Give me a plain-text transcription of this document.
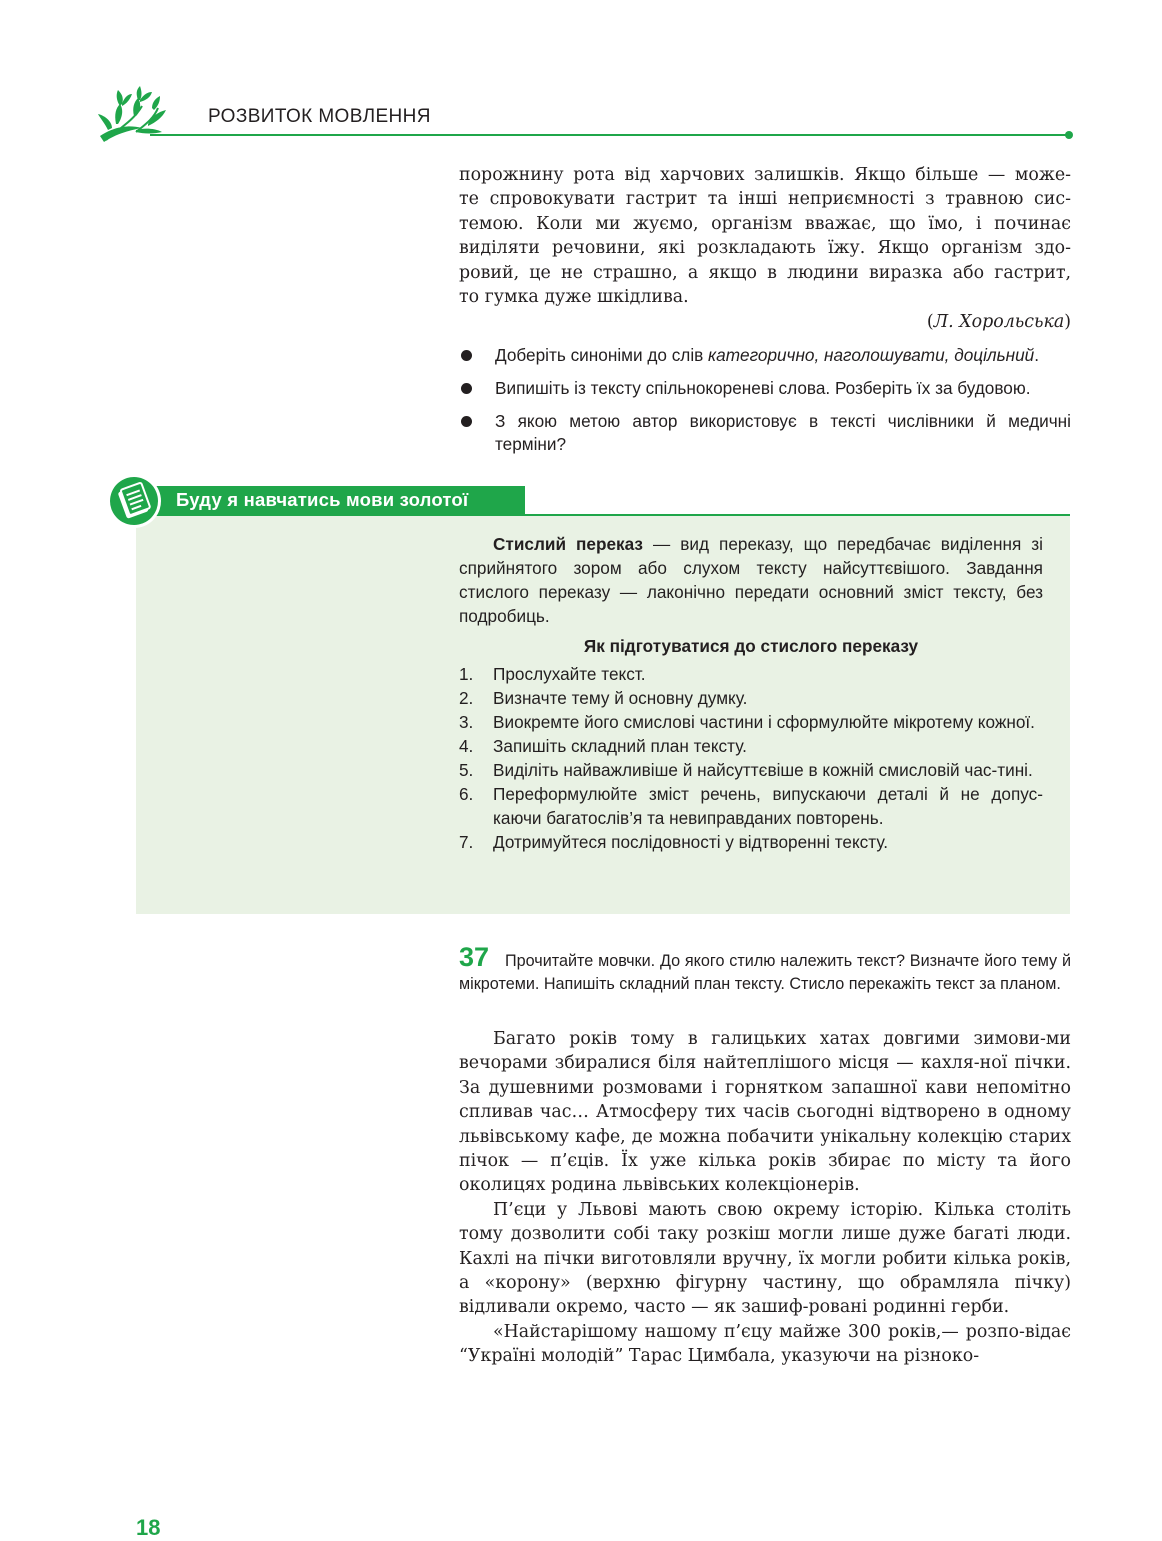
РОЗВИТОК МОВЛЕННЯ
порожнину рота від харчових залишків. Якщо більше — може-
те спровокувати гастрит та інші неприємності з травною сис-
темою. Коли ми жуємо, організм вважає, що їмо, і починає
виділяти речовини, які розкладають їжу. Якщо організм здо-
ровий, це не страшно, а якщо в людини виразка або гастрит,
то гумка дуже шкідлива.
(Л. Хорольська)
Доберіть синоніми до слів категорично, наголошувати, доцільний.
Випишіть із тексту спільнокореневі слова. Розберіть їх за будовою.
З якою метою автор використовує в тексті числівники й медичні терміни?
Буду я навчатись мови золотої

Стислий переказ — вид переказу, що передбачає виділення зі сприйнятого зором або слухом тексту найсуттєвішого. Завдання стислого переказу — лаконічно передати основний зміст тексту, без подробиць.

Як підготуватися до стислого переказу
1. Прослухайте текст.
2. Визначте тему й основну думку.
3. Виокремте його смислові частини і сформулюйте мікротему кожної.
4. Запишіть складний план тексту.
5. Виділіть найважливіше й найсуттєвіше в кожній смисловій час-тині.
6. Переформулюйте зміст речень, випускаючи деталі й не допус-каючи багатослів’я та невиправданих повторень.
7. Дотримуйтеся послідовності у відтворенні тексту.
37 Прочитайте мовчки. До якого стилю належить текст? Визначте його тему й мікротеми. Напишіть складний план тексту. Стисло перекажіть текст за планом.

Багато років тому в галицьких хатах довгими зимови-ми вечорами збиралися біля найтеплішого місця — кахля-ної пічки. За душевними розмовами і горнятком запашної кави непомітно спливав час… Атмосферу тих часів сьогодні відтворено в одному львівському кафе, де можна побачити унікальну колекцію старих пічок — п’єців. Їх уже кілька років збирає по місту та його околицях родина львівських колекціонерів.

П’єци у Львові мають свою окрему історію. Кілька століть тому дозволити собі таку розкіш могли лише дуже багаті люди. Кахлі на пічки виготовляли вручну, їх могли робити кілька років, а «корону» (верхню фігурну частину, що обрамляла пічку) відливали окремо, часто — як зашиф-ровані родинні герби.

«Найстарішому нашому п’єцу майже 300 років,— розпо-відає “Україні молодій” Тарас Цимбала, указуючи на різноко-

18
